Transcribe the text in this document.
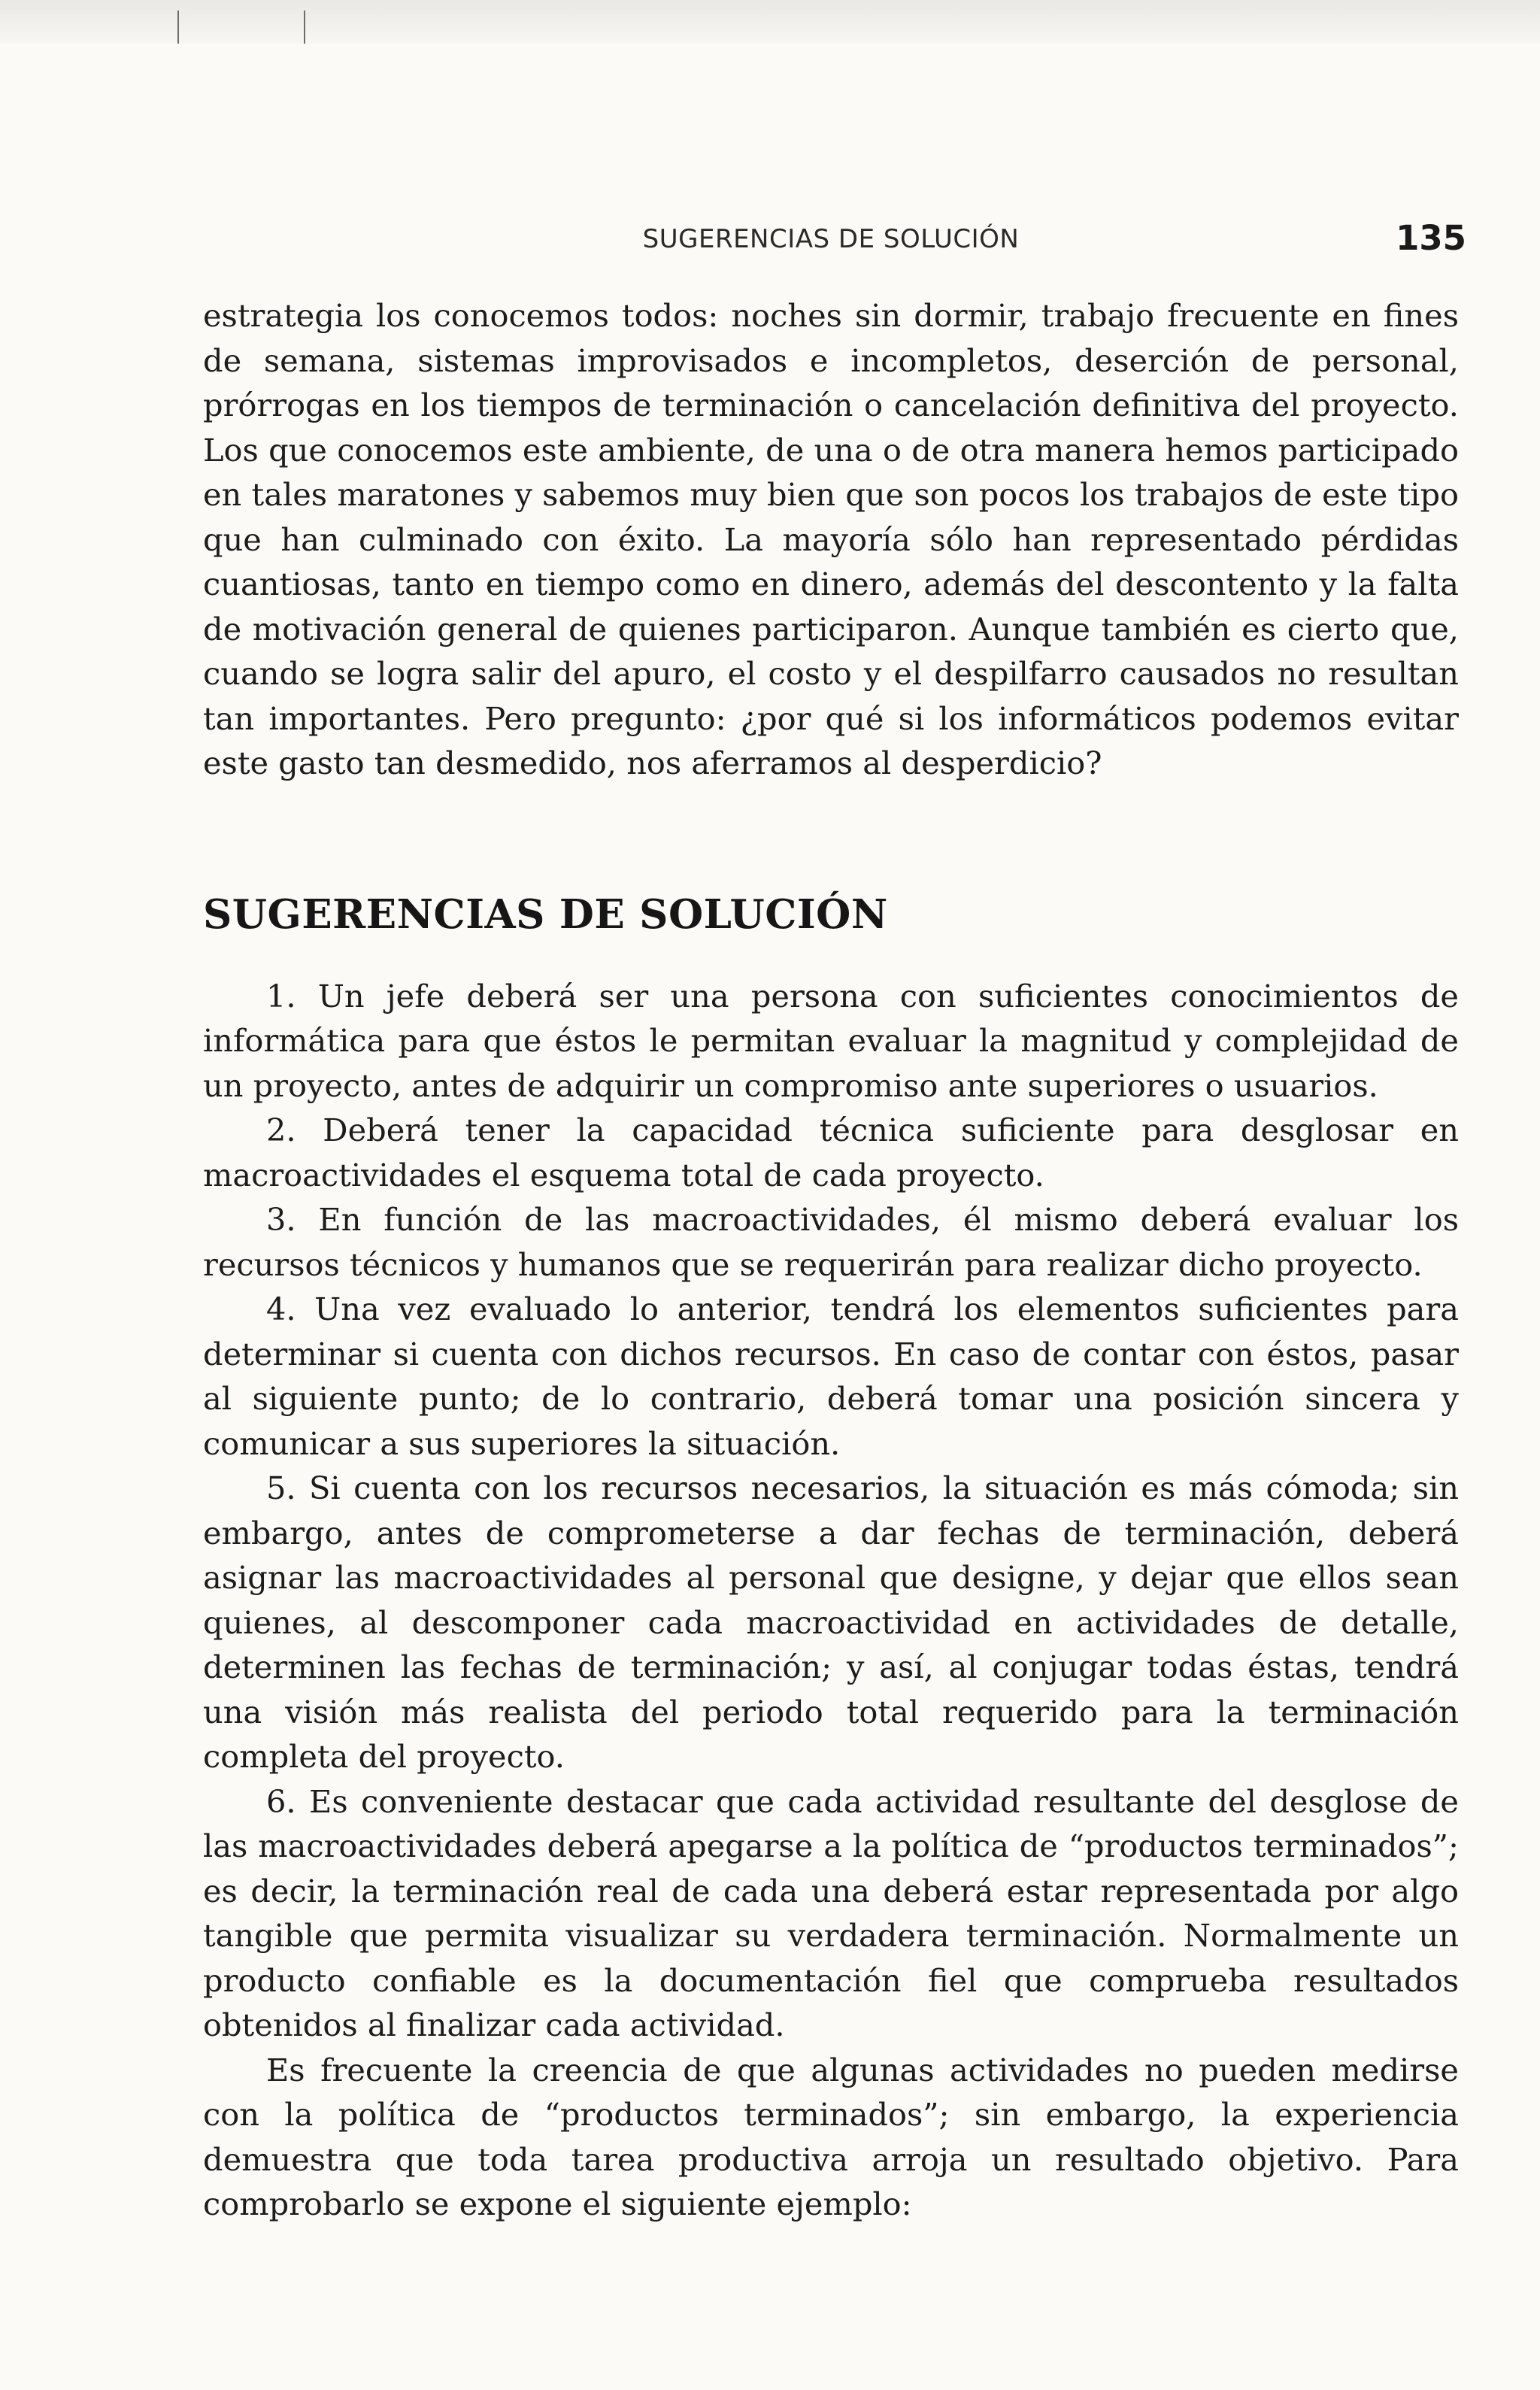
SUGERENCIAS DE SOLUCIÓN	135

estrategia los conocemos todos: noches sin dormir, trabajo frecuente en fines de semana, sistemas improvisados e incompletos, deserción de personal, prórrogas en los tiempos de terminación o cancelación definitiva del proyecto. Los que conocemos este ambiente, de una o de otra manera hemos participado en tales maratones y sabemos muy bien que son pocos los trabajos de este tipo que han culminado con éxito. La mayoría sólo han representado pérdidas cuantiosas, tanto en tiempo como en dinero, además del descontento y la falta de motivación general de quienes participaron. Aunque también es cierto que, cuando se logra salir del apuro, el costo y el despilfarro causados no resultan tan importantes. Pero pregunto: ¿por qué si los informáticos podemos evitar este gasto tan desmedido, nos aferramos al desperdicio?

SUGERENCIAS DE SOLUCIÓN

1. Un jefe deberá ser una persona con suficientes conocimientos de informática para que éstos le permitan evaluar la magnitud y complejidad de un proyecto, antes de adquirir un compromiso ante superiores o usuarios.

2. Deberá tener la capacidad técnica suficiente para desglosar en macroactividades el esquema total de cada proyecto.

3. En función de las macroactividades, él mismo deberá evaluar los recursos técnicos y humanos que se requerirán para realizar dicho proyecto.

4. Una vez evaluado lo anterior, tendrá los elementos suficientes para determinar si cuenta con dichos recursos. En caso de contar con éstos, pasar al siguiente punto; de lo contrario, deberá tomar una posición sincera y comunicar a sus superiores la situación.

5. Si cuenta con los recursos necesarios, la situación es más cómoda; sin embargo, antes de comprometerse a dar fechas de terminación, deberá asignar las macroactividades al personal que designe, y dejar que ellos sean quienes, al descomponer cada macroactividad en actividades de detalle, determinen las fechas de terminación; y así, al conjugar todas éstas, tendrá una visión más realista del periodo total requerido para la terminación completa del proyecto.

6. Es conveniente destacar que cada actividad resultante del desglose de las macroactividades deberá apegarse a la política de “productos terminados”; es decir, la terminación real de cada una deberá estar representada por algo tangible que permita visualizar su verdadera terminación. Normalmente un producto confiable es la documentación fiel que comprueba resultados obtenidos al finalizar cada actividad.

Es frecuente la creencia de que algunas actividades no pueden medirse con la política de “productos terminados”; sin embargo, la experiencia demuestra que toda tarea productiva arroja un resultado objetivo. Para comprobarlo se expone el siguiente ejemplo:
